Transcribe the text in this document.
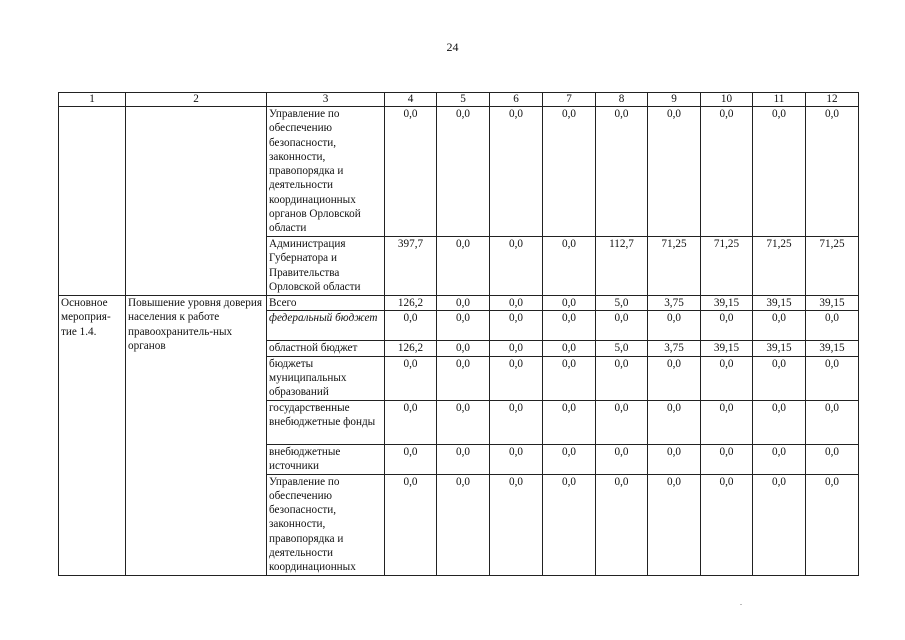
24
1	2	3	4	5	6	7	8	9	10	11	12
		Управление по обеспечению безопасности, законности, правопорядка и деятельности координационных органов Орловской области	0,0	0,0	0,0	0,0	0,0	0,0	0,0	0,0	0,0
		Администрация Губернатора и Правительства Орловской области	397,7	0,0	0,0	0,0	112,7	71,25	71,25	71,25	71,25
Основное мероприя-тие 1.4.	Повышение уровня доверия населения к работе правоохранитель-ных органов	Всего	126,2	0,0	0,0	0,0	5,0	3,75	39,15	39,15	39,15
		федеральный бюджет	0,0	0,0	0,0	0,0	0,0	0,0	0,0	0,0	0,0
		областной бюджет	126,2	0,0	0,0	0,0	5,0	3,75	39,15	39,15	39,15
		бюджеты муниципальных образований	0,0	0,0	0,0	0,0	0,0	0,0	0,0	0,0	0,0
		государственные внебюджетные фонды	0,0	0,0	0,0	0,0	0,0	0,0	0,0	0,0	0,0
		внебюджетные источники	0,0	0,0	0,0	0,0	0,0	0,0	0,0	0,0	0,0
		Управление по обеспечению безопасности, законности, правопорядка и деятельности координационных	0,0	0,0	0,0	0,0	0,0	0,0	0,0	0,0	0,0
